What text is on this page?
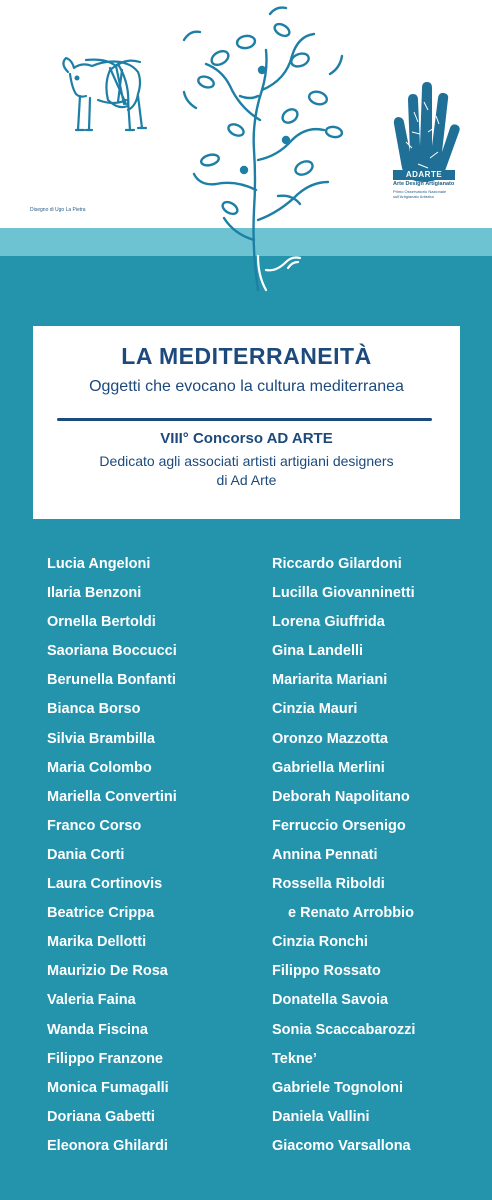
Disegno di Ugo La Pietra
ADARTE
Arte Design Artigianato
Primo Osservatorio Nazionale
sull'Artigianato Artistico
LA MEDITERRANEITÀ
Oggetti che evocano la cultura mediterranea
VIII° Concorso AD ARTE
Dedicato agli associati artisti artigiani designers
di Ad Arte
Lucia Angeloni
Ilaria Benzoni
Ornella Bertoldi
Saoriana Boccucci
Berunella Bonfanti
Bianca Borso
Silvia Brambilla
Maria Colombo
Mariella Convertini
Franco Corso
Dania Corti
Laura Cortinovis
Beatrice Crippa
Marika Dellotti
Maurizio De Rosa
Valeria Faina
Wanda Fiscina
Filippo Franzone
Monica Fumagalli
Doriana Gabetti
Eleonora Ghilardi
Riccardo Gilardoni
Lucilla Giovanninetti
Lorena Giuffrida
Gina Landelli
Mariarita Mariani
Cinzia Mauri
Oronzo Mazzotta
Gabriella Merlini
Deborah Napolitano
Ferruccio Orsenigo
Annina Pennati
Rossella Riboldi
e Renato Arrobbio
Cinzia Ronchi
Filippo Rossato
Donatella Savoia
Sonia Scaccabarozzi
Tekne’
Gabriele Tognoloni
Daniela Vallini
Giacomo Varsallona
